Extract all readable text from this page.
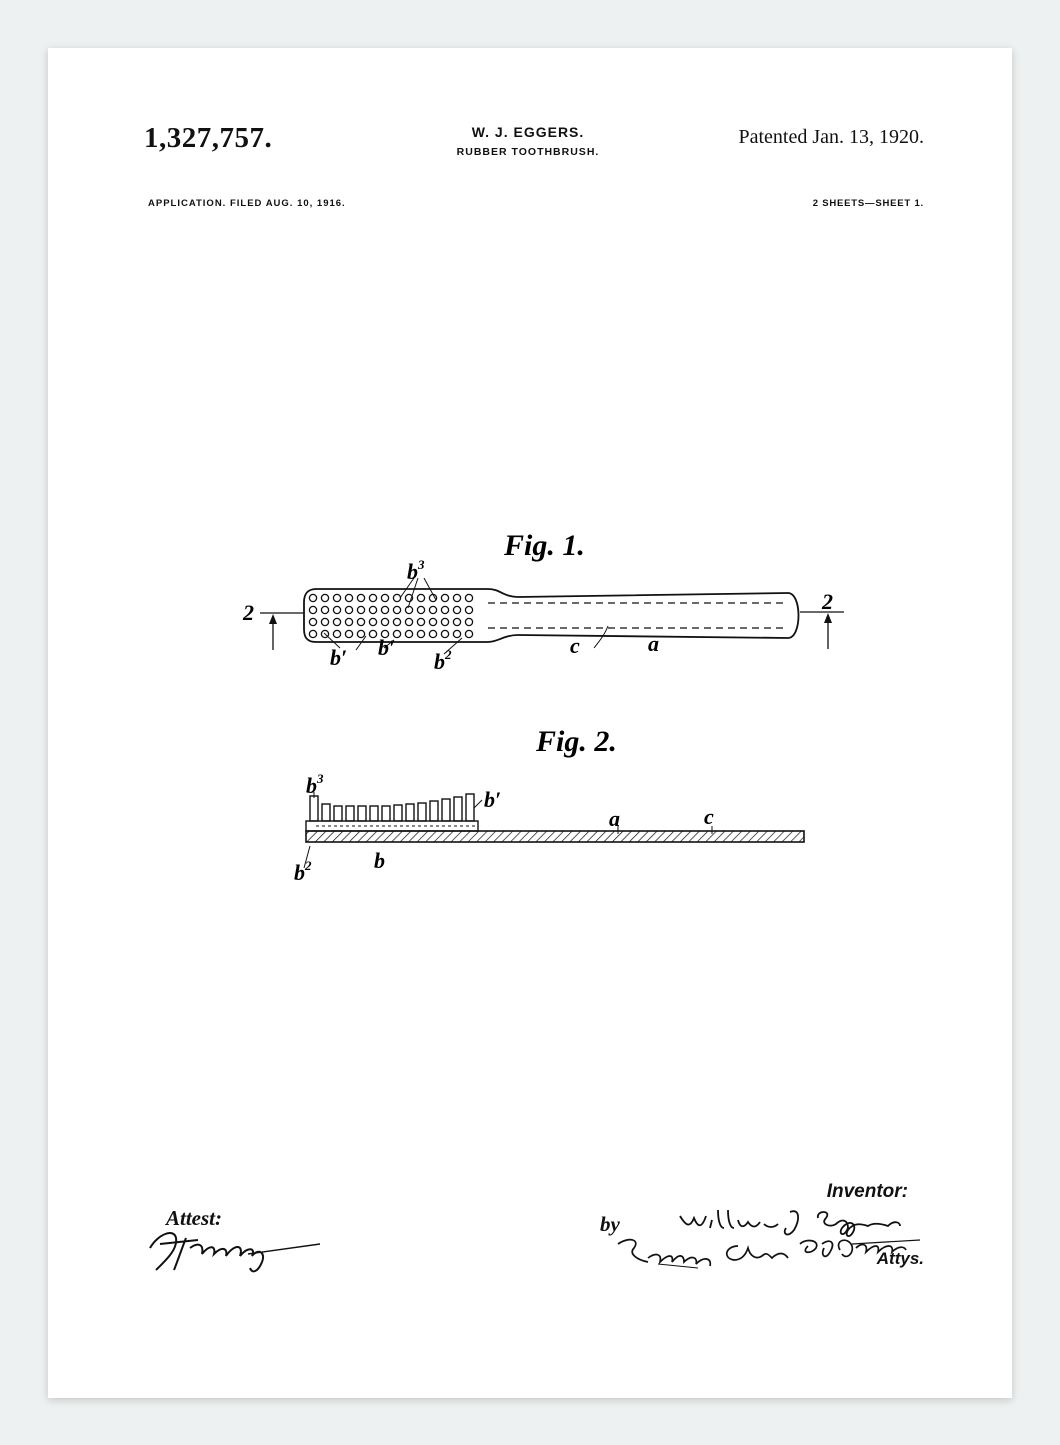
1,327,757.	W. J. EGGERS.
RUBBER TOOTHBRUSH.
Patented Jan. 13, 1920.
APPLICATION. FILED AUG. 10, 1916.	2 SHEETS—SHEET 1.
Fig. 1.
2	2
$b^3$
b′ b′
$b^2$	c	a
Fig. 2.
$b^3$
b′
a	c
$b^2$	b
Attest:
Inventor:
by
Attys.
